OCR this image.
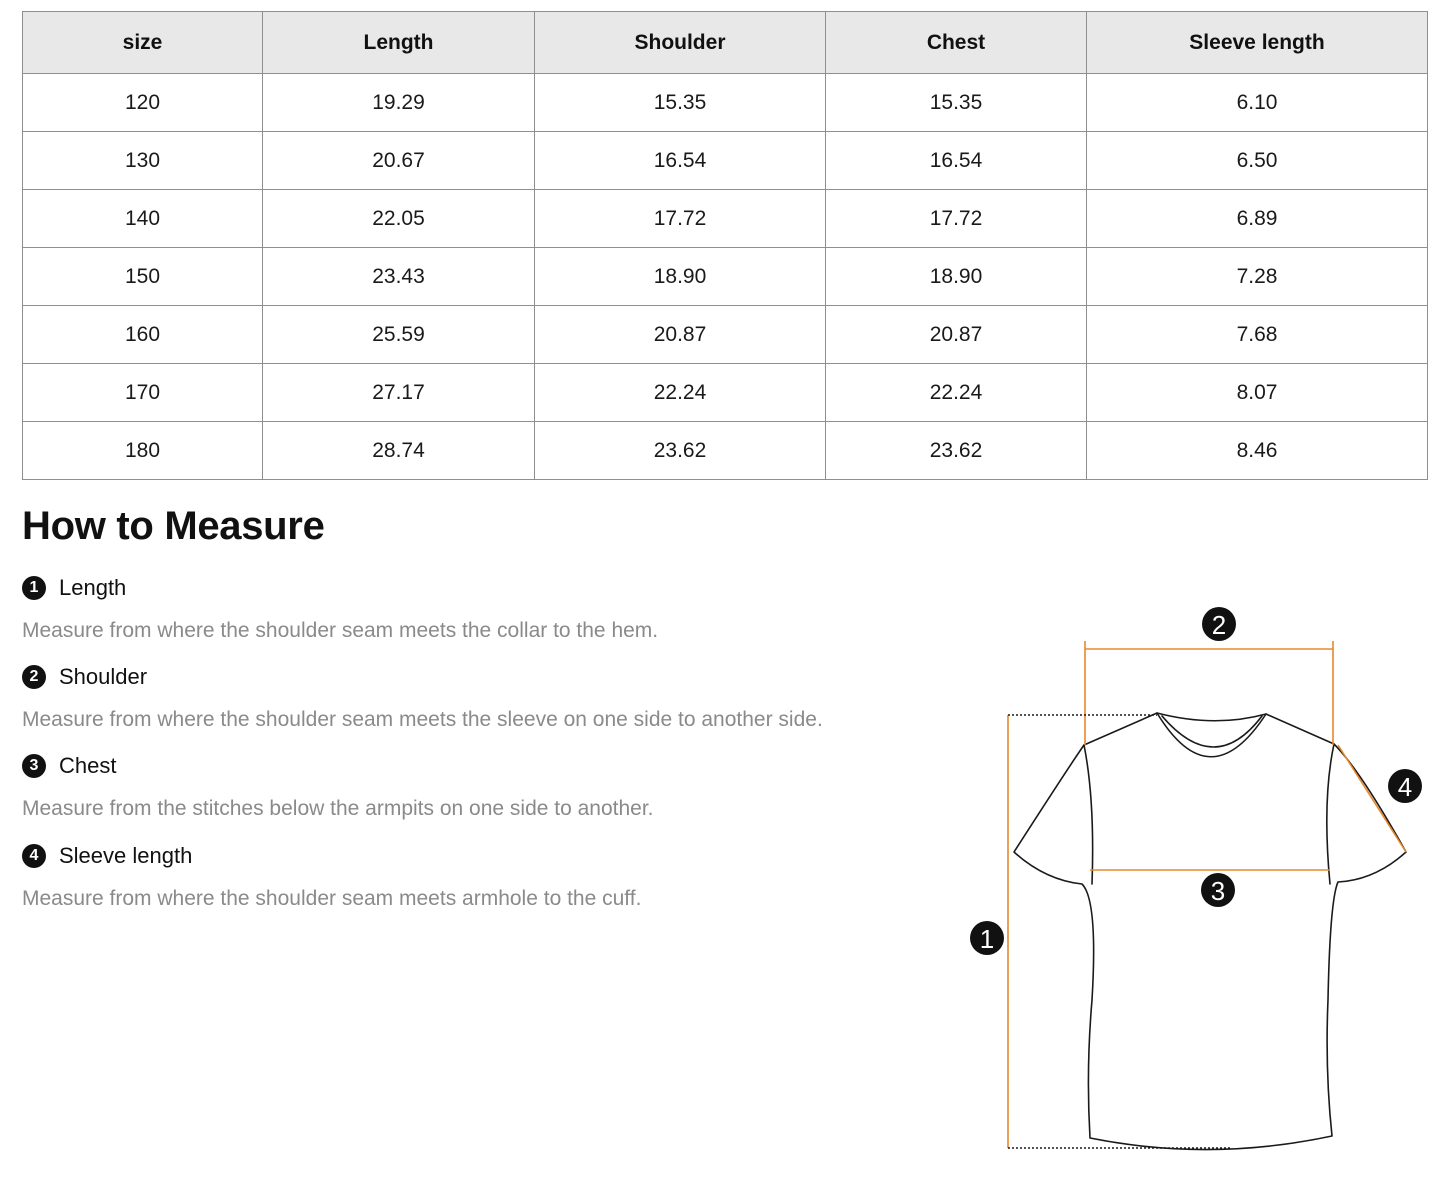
size	Length	Shoulder	Chest	Sleeve length
120	19.29	15.35	15.35	6.10
130	20.67	16.54	16.54	6.50
140	22.05	17.72	17.72	6.89
150	23.43	18.90	18.90	7.28
160	25.59	20.87	20.87	7.68
170	27.17	22.24	22.24	8.07
180	28.74	23.62	23.62	8.46
How to Measure
1 Length
Measure from where the shoulder seam meets the collar to the hem.
2 Shoulder
Measure from where the shoulder seam meets the sleeve on one side to another side.
3 Chest
Measure from the stitches below the armpits on one side to another.
4 Sleeve length
Measure from where the shoulder seam meets armhole to the cuff.
1
2
3
4
